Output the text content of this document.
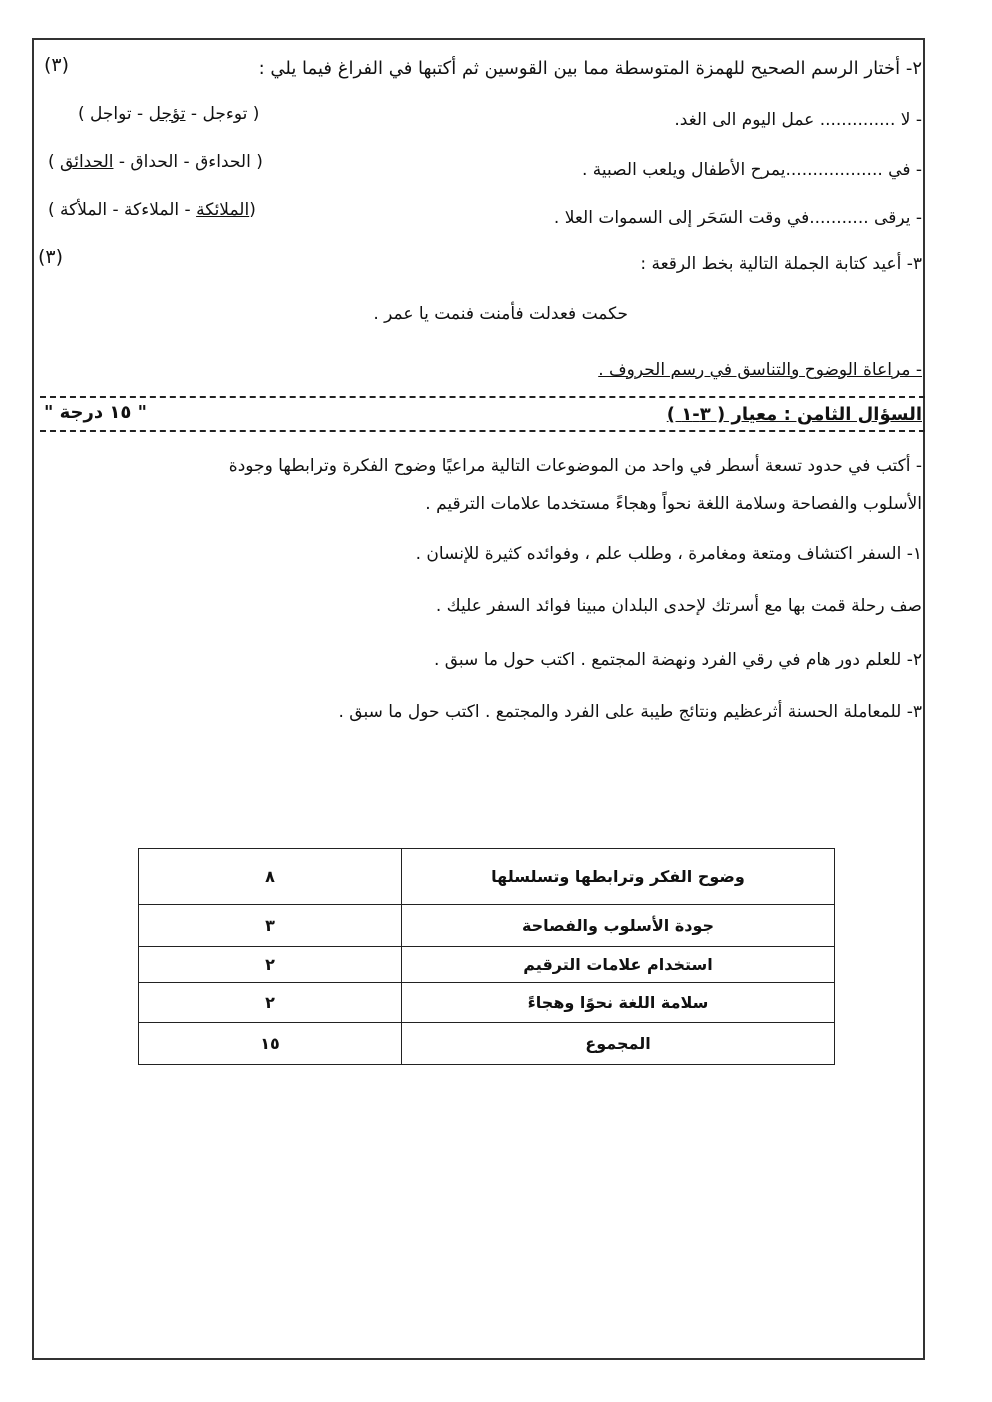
٢- أختار الرسم الصحيح للهمزة المتوسطة مما بين القوسين ثم أكتبها في الفراغ فيما يلي :
(٣)
- لا .............. عمل اليوم الى الغد.
( توءجل - تؤجل - تواجل )
- في ..................يمرح الأطفال ويلعب الصبية .
( الحداءق - الحداق - الحدائق )
- يرقى ...........في وقت السَحَر إلى السموات العلا .
(الملائكة - الملاءكة - الملأكة )
٣- أعيد كتابة الجملة التالية بخط الرقعة :
(٣)
حكمت فعدلت فأمنت فنمت يا عمر .
- مراعاة الوضوح والتناسق في رسم الحروف .
السؤال الثامن : معيار ( ٣-١ )
" ١٥ درجة "
- أكتب في حدود تسعة أسطر في واحد من الموضوعات التالية مراعيًا وضوح الفكرة وترابطها وجودة
الأسلوب والفصاحة وسلامة اللغة نحواً وهجاءً مستخدما علامات الترقيم .
١- السفر اكتشاف ومتعة ومغامرة ، وطلب علم ، وفوائده كثيرة للإنسان .
صف رحلة قمت بها مع أسرتك لإحدى البلدان مبينا فوائد السفر عليك .
٢- للعلم دور هام في رقي الفرد ونهضة المجتمع . اكتب حول ما سبق .
٣- للمعاملة الحسنة أثرعظيم ونتائج طيبة على الفرد والمجتمع . اكتب حول ما سبق .
وضوح الفكر وترابطها وتسلسلها	٨
جودة الأسلوب والفصاحة	٣
استخدام علامات الترقيم	٢
سلامة اللغة نحوًا وهجاءً	٢
المجموع	١٥
